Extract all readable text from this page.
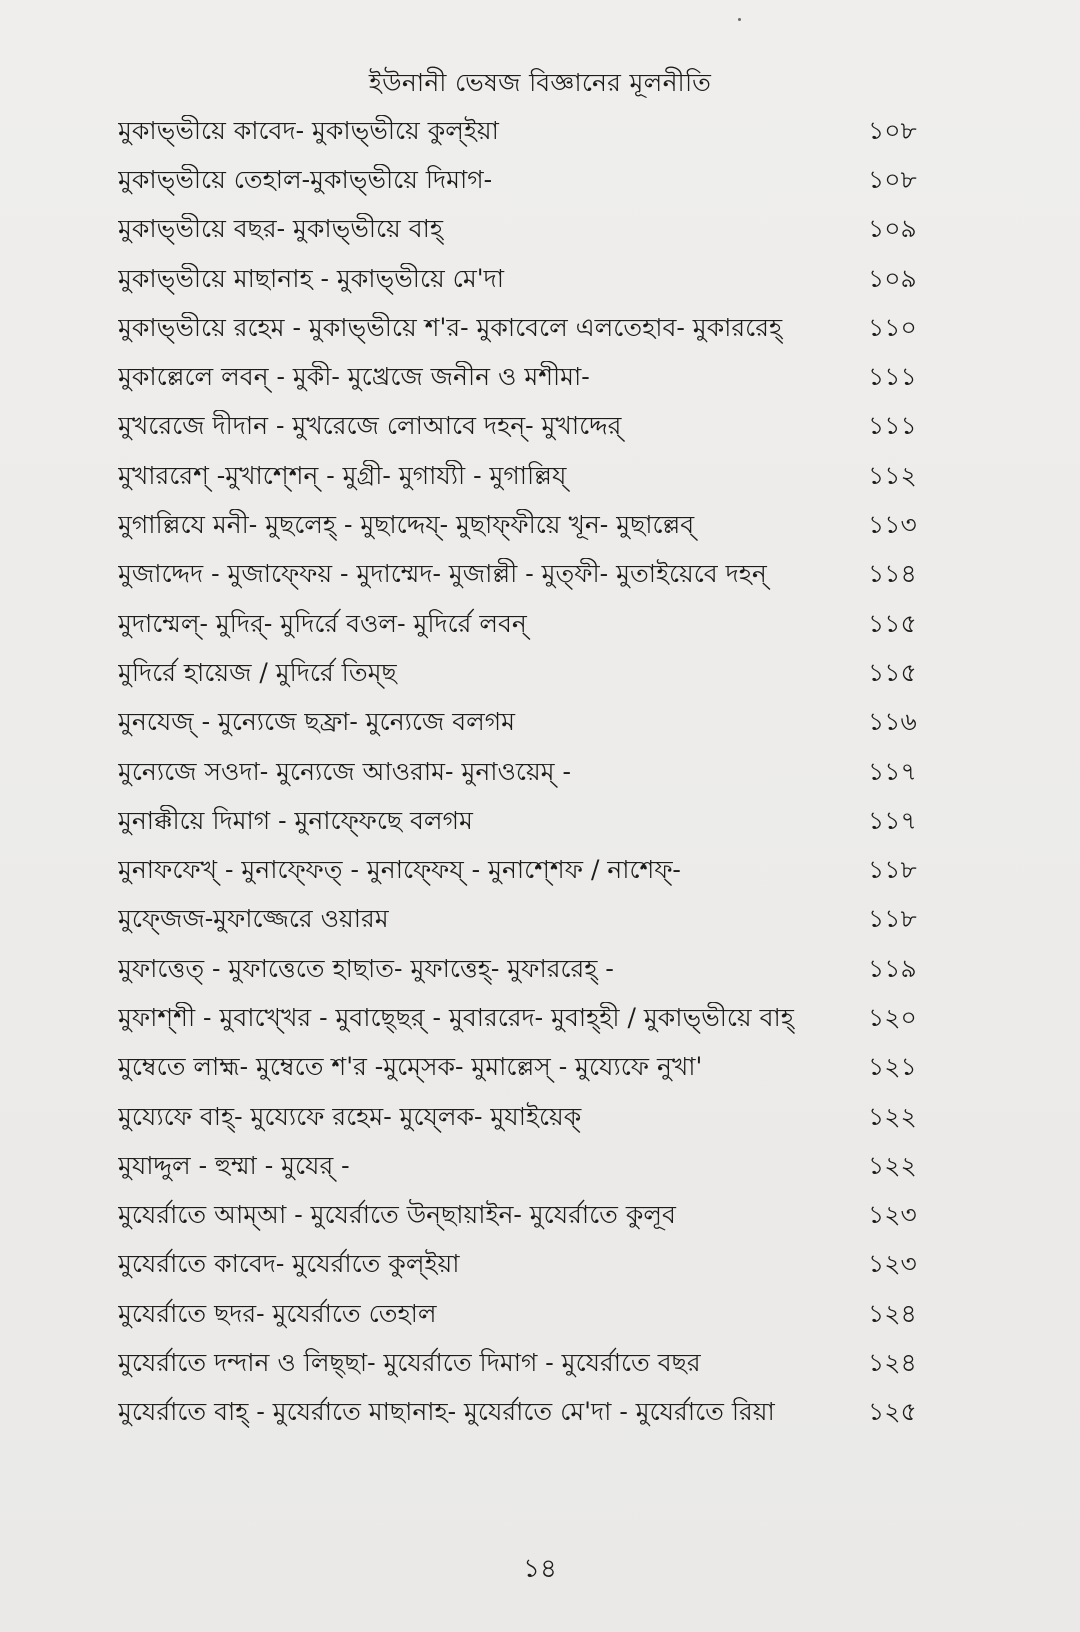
ইউনানী ভেষজ বিজ্ঞানের মূলনীতি
মুকাভ্ভীয়ে কাবেদ- মুকাভ্ভীয়ে কুল্ইয়া	১০৮
মুকাভ্ভীয়ে তেহাল-মুকাভ্ভীয়ে দিমাগ-	১০৮
মুকাভ্ভীয়ে বছর- মুকাভ্ভীয়ে বাহ্	১০৯
মুকাভ্ভীয়ে মাছানাহ - মুকাভ্ভীয়ে মে'দা	১০৯
মুকাভ্ভীয়ে রহেম - মুকাভ্ভীয়ে শ'র- মুকাবেলে এলতেহাব- মুকাররেহ্	১১০
মুকাল্লেলে লবন্ - মুকী- মুখ্রেজে জনীন ও মশীমা-	১১১
মুখরেজে দীদান - মুখরেজে লোআবে দহন্- মুখাদ্দের্	১১১
মুখাররেশ্ -মুখাশ্শেন্ - মুগ্রী- মুগায্যী - মুগাল্লিয্	১১২
মুগাল্লিযে মনী- মুছলেহ্ - মুছাদ্দেয্- মুছাফ্ফীয়ে খূন- মুছাল্লেব্	১১৩
মুজাদ্দেদ - মুজাফ্ফেয় - মুদাম্মেদ- মুজাল্লী - মুত্ফী- মুতাইয়েবে দহন্	১১৪
মুদাম্মেল্- মুদির্- মুদির্রে বওল- মুদির্রে লবন্	১১৫
মুদির্রে হায়েজ / মুদির্রে তিম্ছ	১১৫
মুনযেজ্ - মুন্যেজে ছফ্রা- মুন্যেজে বলগম	১১৬
মুন্যেজে সওদা- মুন্যেজে আওরাম- মুনাওয়েম্ -	১১৭
মুনাক্কীয়ে দিমাগ - মুনাফ্ফেছে বলগম	১১৭
মুনাফফেখ্ - মুনাফ্ফেত্ - মুনাফ্ফেয্ - মুনাশ্শেফ / নাশেফ্-	১১৮
মুফ্জেজ-মুফাজ্জেরে ওয়ারম	১১৮
মুফাত্তেত্ - মুফাত্তেতে হাছাত- মুফাত্তেহ্- মুফাররেহ্ -	১১৯
মুফাশ্শী - মুবাখ্খের - মুবাছ্ছের্ - মুবাররেদ- মুবাহ্হী / মুকাভ্ভীয়ে বাহ্	১২০
মুম্বেতে লাহ্ম- মুম্বেতে শ'র -মুম্সেক- মুমাল্লেস্ - মুয্যেফে নুখা'	১২১
মুয্যেফে বাহ্- মুয্যেফে রহেম- মুয্লেক- মুযাইয়েক্	১২২
মুযাদ্দুল - হুম্মা - মুযের্ -	১২২
মুযের্রাতে আম্আ - মুযের্রাতে উন্ছায়াইন- মুযের্রাতে কুলূব	১২৩
মুযের্রাতে কাবেদ- মুযের্রাতে কুল্ইয়া	১২৩
মুযের্রাতে ছদর- মুযের্রাতে তেহাল	১২৪
মুযের্রাতে দন্দান ও লিছ্ছা- মুযের্রাতে দিমাগ - মুযের্রাতে বছর	১২৪
মুযের্রাতে বাহ্ - মুযের্রাতে মাছানাহ- মুযের্রাতে মে'দা - মুযের্রাতে রিয়া	১২৫
১৪
